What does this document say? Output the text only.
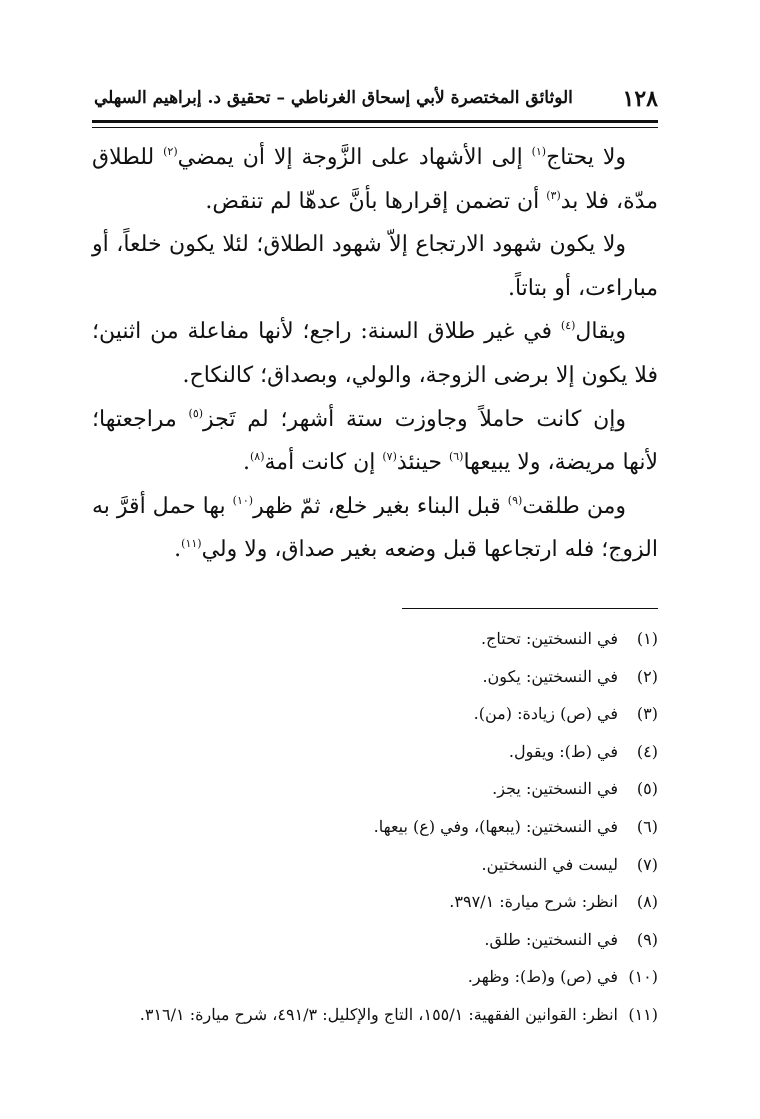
١٢٨
الوثائق المختصرة لأبي إسحاق الغرناطي – تحقيق د. إبراهيم السهلي

ولا يحتاج$^{(١)}$ إلى الأشهاد على الزَّوجة إلا أن يمضي$^{(٢)}$ للطلاق مدّة، فلا بد$^{(٣)}$ أن تضمن إقرارها بأنَّ عدهّا لم تنقض.

ولا يكون شهود الارتجاع إلاّ شهود الطلاق؛ لئلا يكون خلعاً، أو مباراءت، أو بتاتاً.

ويقال$^{(٤)}$ في غير طلاق السنة: راجع؛ لأنها مفاعلة من اثنين؛ فلا يكون إلا برضى الزوجة، والولي، وبصداق؛ كالنكاح.

وإن كانت حاملاً وجاوزت ستة أشهر؛ لم تَجز$^{(٥)}$ مراجعتها؛ لأنها مريضة، ولا يبيعها$^{(٦)}$ حينئذ$^{(٧)}$ إن كانت أمة$^{(٨)}$.

ومن طلقت$^{(٩)}$ قبل البناء بغير خلع، ثمّ ظهر$^{(١٠)}$ بها حمل أقرَّ به الزوج؛ فله ارتجاعها قبل وضعه بغير صداق، ولا ولي$^{(١١)}$.

(١)في النسختين: تحتاج.
(٢)في النسختين: يكون.
(٣)في (ص) زيادة: (من).
(٤)في (ط): ويقول.
(٥)في النسختين: يجز.
(٦)في النسختين: (يبعها)، وفي (ع) بيعها.
(٧)ليست في النسختين.
(٨)انظر: شرح ميارة: ٣٩٧/١.
(٩)في النسختين: طلق.
(١٠)في (ص) و(ط): وظهر.
(١١)انظر: القوانين الفقهية: ١٥٥/١، التاج والإكليل: ٤٩١/٣، شرح ميارة: ٣١٦/١.
